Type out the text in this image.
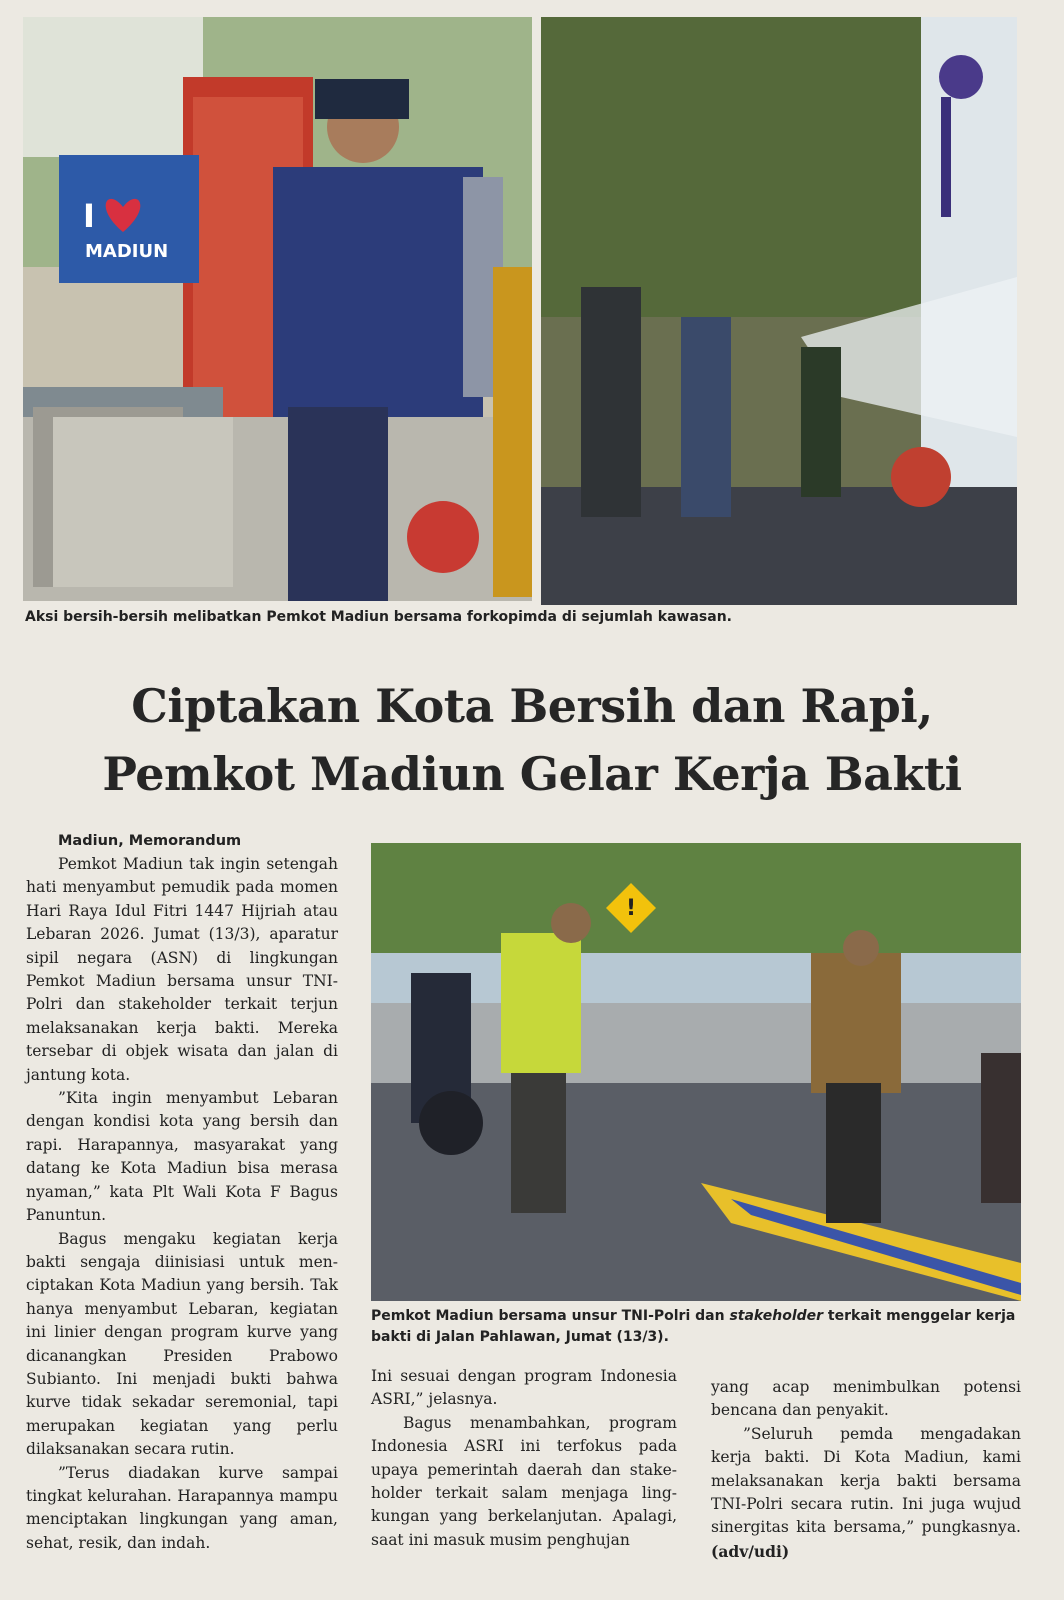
I
MADIUN

Aksi bersih-bersih melibatkan Pemkot Madiun bersama forkopimda di sejumlah kawasan.

Ciptakan Kota Bersih dan Rapi,
Pemkot Madiun Gelar Kerja Bakti
!

Pemkot Madiun bersama unsur TNI-Polri dan stakeholder terkait menggelar kerja bakti di Jalan Pahlawan, Jumat (13/3).

Madiun, Memorandum

Pemkot Madiun tak ingin setengah hati menyambut pemudik pada momen Hari Raya Idul Fitri 1447 Hijriah atau Lebaran 2026. Jumat (13/3), aparatur sipil negara (ASN) di lingkungan Pemkot Madiun bersama unsur TNI-Polri dan stakeholder terkait terjun melaksanakan kerja bakti. Mereka tersebar di objek wisata dan jalan di jantung kota.

”Kita ingin menyambut Lebaran dengan kondisi kota yang bersih dan rapi. Harapannya, masyarakat yang datang ke Kota Madiun bisa merasa nyaman,” kata Plt Wali Kota F Bagus Panuntun.

Bagus mengaku kegiatan kerja bakti sengaja diinisiasi untuk menciptakan Kota Madiun yang bersih. Tak hanya menyambut Lebaran, kegiatan ini linier dengan program kurve yang dicanangkan Presiden Prabowo Subianto. Ini menjadi bukti bahwa kurve tidak sekadar seremonial, tapi merupakan kegiatan yang perlu dilaksanakan secara rutin.

”Terus diadakan kurve sampai tingkat kelurahan. Harapannya mampu menciptakan lingkungan yang aman, sehat, resik, dan indah.

Ini sesuai dengan program Indonesia ASRI,” jelasnya.

Bagus menambahkan, program Indonesia ASRI ini terfokus pada upaya pemerintah daerah dan stakeholder terkait salam menjaga lingkungan yang berkelanjutan. Apalagi, saat ini masuk musim penghujan

yang acap menimbulkan potensi bencana dan penyakit.

”Seluruh pemda mengadakan kerja bakti. Di Kota Madiun, kami melaksanakan kerja bakti bersama TNI-Polri secara rutin. Ini juga wujud sinergitas kita bersama,” pungkasnya. (adv/udi)
